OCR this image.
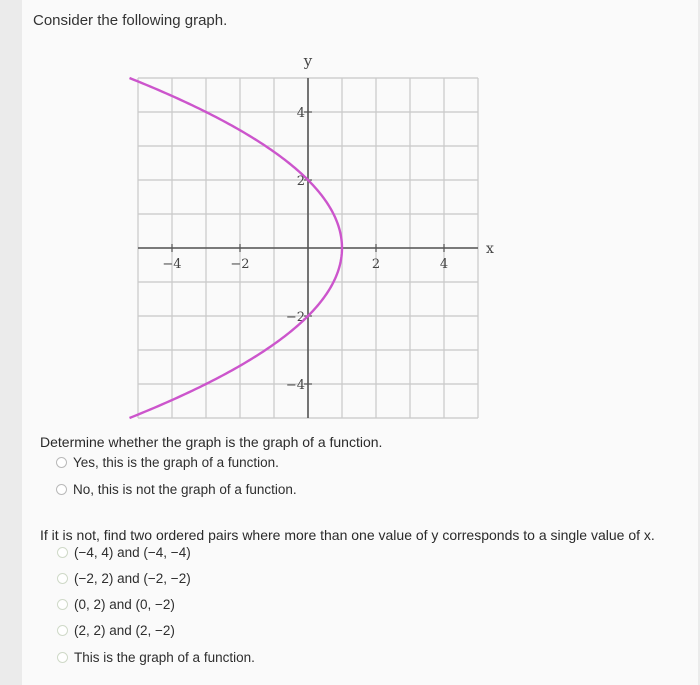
Consider the following graph.
y
x
−4	−2	2	4
4
2
−2
−4
Determine whether the graph is the graph of a function.
Yes, this is the graph of a function.
No, this is not the graph of a function.
If it is not, find two ordered pairs where more than one value of y corresponds to a single value of x.
(−4, 4) and (−4, −4)
(−2, 2) and (−2, −2)
(0, 2) and (0, −2)
(2, 2) and (2, −2)
This is the graph of a function.
